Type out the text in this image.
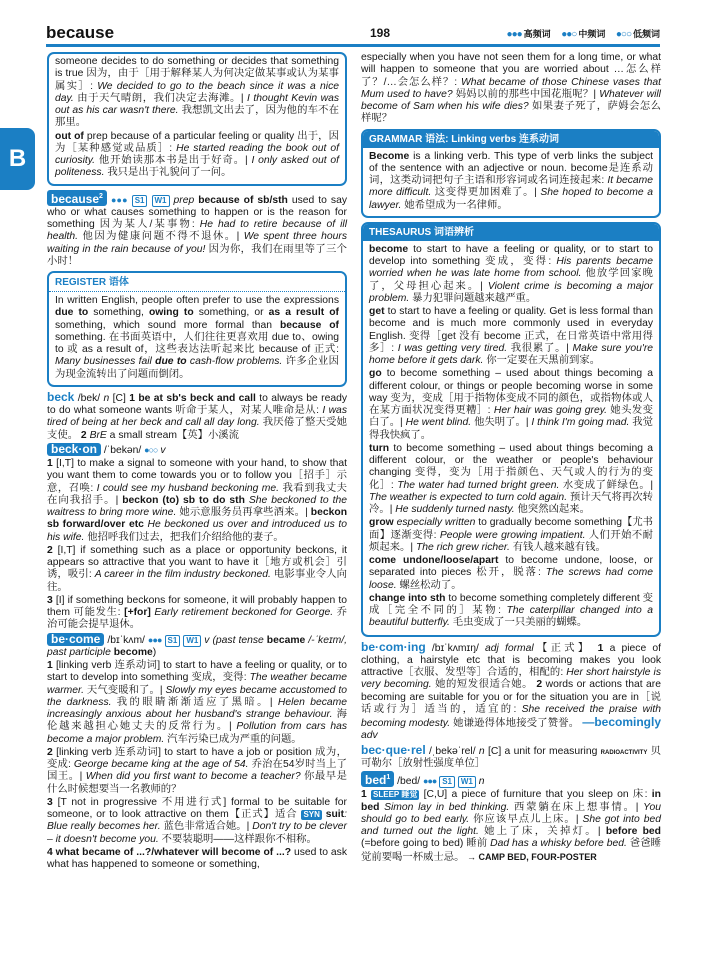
because	198	●●● 高频词 ●●○ 中频词 ●○○ 低频词
B

someone decides to do something or decides that something is true 因为，由于［用于解释某人为何决定做某事或认为某事属实］: We decided to go to the beach since it was a nice day. 由于天气晴朗，我们决定去海滩。| I thought Kevin was out as his car wasn't there. 我想凯文出去了，因为他的车不在那里。

out of prep because of a particular feeling or quality 出于，因为［某种感觉或品质］: He started reading the book out of curiosity. 他开始读那本书是出于好奇。| I only asked out of politeness. 我只是出于礼貌问了一问。

because$^2$ ●●● S1 W1 prep because of sb/sth used to say who or what causes something to happen or is the reason for something 因为某人/某事物: He had to retire because of ill health. 他因为健康问题不得不退休。| We spent three hours waiting in the rain because of you! 因为你，我们在雨里等了三个小时！

REGISTER 语体
In written English, people often prefer to use the expressions due to something, owing to something, or as a result of something, which sound more formal than because of something. 在书面英语中，人们往往更喜欢用 due to、owing to 或 as a result of，这些表达法听起来比 because of 正式: Many businesses fail due to cash-flow problems. 许多企业因为现金流转出了问题而倒闭。

beck /bek/ n [C] 1 be at sb's beck and call to always be ready to do what someone wants 听命于某人，对某人唯命是从: I was tired of being at her beck and call all day long. 我厌倦了整天受她支使。 2 BrE a small stream【英】小溪流

beck·on /ˈbekən/ ●○○ v

1 [I,T] to make a signal to someone with your hand, to show that you want them to come towards you or to follow you［招手］示意，召唤: I could see my husband beckoning me. 我看到我丈夫在向我招手。| beckon (to) sb to do sth She beckoned to the waitress to bring more wine. 她示意服务员再拿些酒来。| beckon sb forward/over etc He beckoned us over and introduced us to his wife. 他招呼我们过去，把我们介绍给他的妻子。

2 [I,T] if something such as a place or opportunity beckons, it appears so attractive that you want to have it［地方或机会］引诱，吸引: A career in the film industry beckoned. 电影事业令人向往。

3 [I] if something beckons for someone, it will probably happen to them 可能发生: [+for] Early retirement beckoned for George. 乔治可能会提早退休。

be·come /bɪˈkʌm/ ●●● S1 W1 v (past tense became /-ˈkeɪm/, past participle become)

1 [linking verb 连系动词] to start to have a feeling or quality, or to start to develop into something 变成，变得: The weather became warmer. 天气变暖和了。| Slowly my eyes became accustomed to the darkness. 我的眼睛渐渐适应了黑暗。| Helen became increasingly anxious about her husband's strange behaviour. 海伦越来越担心她丈夫的反常行为。| Pollution from cars has become a major problem. 汽车污染已成为严重的问题。

2 [linking verb 连系动词] to start to have a job or position 成为，变成: George became king at the age of 54. 乔治在54岁时当上了国王。| When did you first want to become a teacher? 你最早是什么时候想要当一名教师的？

3 [T not in progressive 不用进行式] formal to be suitable for someone, or to look attractive on them【正式】适合 SYN suit: Blue really becomes her. 蓝色非常适合她。| Don't try to be clever – it doesn't become you. 不要装聪明——这样跟你不相称。

4 what became of ...?/whatever will become of ...? used to ask what has happened to someone or something,

especially when you have not seen them for a long time, or what will happen to someone that you are worried about …怎么样了？/…会怎么样？: What became of those Chinese vases that Mum used to have? 妈妈以前的那些中国花瓶呢？| Whatever will become of Sam when his wife dies? 如果妻子死了，萨姆会怎么样呢？

GRAMMAR 语法: Linking verbs 连系动词
Become is a linking verb. This type of verb links the subject of the sentence with an adjective or noun. become是连系动词，这类动词把句子主语和形容词或名词连接起来: It became more difficult. 这变得更加困难了。| She hoped to become a lawyer. 她希望成为一名律师。
THESAURUS 词语辨析

become to start to have a feeling or quality, or to start to develop into something 变成，变得: His parents became worried when he was late home from school. 他放学回家晚了，父母担心起来。| Violent crime is becoming a major problem. 暴力犯罪问题越来越严重。

get to start to have a feeling or quality. Get is less formal than become and is much more commonly used in everyday English. 变得［get 没有 become 正式，在日常英语中常用得多］: I was getting very tired. 我很累了。| Make sure you're home before it gets dark. 你一定要在天黑前到家。

go to become something – used about things becoming a different colour, or things or people becoming worse in some way 变为，变成［用于指物体变成不同的颜色，或指物体或人在某方面状况变得更糟］: Her hair was going grey. 她头发变白了。| He went blind. 他失明了。| I think I'm going mad. 我觉得我快疯了。

turn to become something – used about things becoming a different colour, or the weather or people's behaviour changing 变得，变为［用于指颜色、天气或人的行为的变化］: The water had turned bright green. 水变成了鲜绿色。| The weather is expected to turn cold again. 预计天气将再次转冷。| He suddenly turned nasty. 他突然凶起来。

grow especially written to gradually become something【尤书面】逐渐变得: People were growing impatient. 人们开始不耐烦起来。| The rich grew richer. 有钱人越来越有钱。

come undone/loose/apart to become undone, loose, or separated into pieces 松开，脱落: The screws had come loose. 螺丝松动了。

change into sth to become something completely different 变成［完全不同的］某物: The caterpillar changed into a beautiful butterfly. 毛虫变成了一只美丽的蝴蝶。

be·com·ing /bɪˈkʌmɪŋ/ adj formal【正式】 1 a piece of clothing, a hairstyle etc that is becoming makes you look attractive［衣服、发型等］合适的，相配的: Her short hairstyle is very becoming. 她的短发很适合她。 2 words or actions that are becoming are suitable for you or for the situation you are in［说话或行为］适当的，适宜的: She received the praise with becoming modesty. 她谦逊得体地接受了赞誉。 —becomingly adv

bec·que·rel /ˌbekəˈrel/ n [C] a unit for measuring radioactivity 贝可勒尔［放射性强度单位］

bed$^1$ /bed/ ●●● S1 W1 n

1 SLEEP 睡觉 [C,U] a piece of furniture that you sleep on 床: in bed Simon lay in bed thinking. 西蒙躺在床上想事情。| You should go to bed early. 你应该早点儿上床。| She got into bed and turned out the light. 她上了床，关掉灯。| before bed (=before going to bed) 睡前 Dad has a whisky before bed. 爸爸睡觉前要喝一杯威士忌。 → CAMP BED, FOUR-POSTER
